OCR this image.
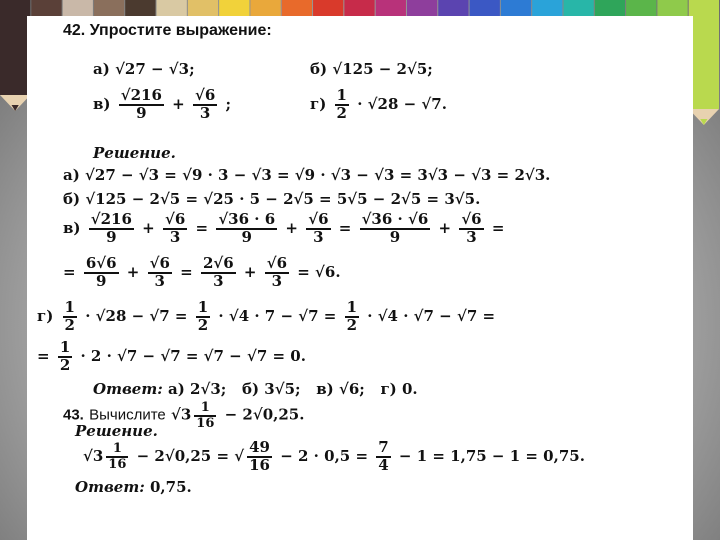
42. Упростите выражение:
а) √27 − √3;	б) √125 − 2√5;
$в) \frac{√216}{9} + \frac{√6}{3}$ ;	$г) \frac{1}{2} \cdot √28 - √7$.
Решение.
а) √27 − √3 = √9 · 3 − √3 = √9 · √3 − √3 = 3√3 − √3 = 2√3.
б) √125 − 2√5 = √25 · 5 − 2√5 = 5√5 − 2√5 = 3√5.
$в) \frac{√216}{9} + \frac{√6}{3} = \frac{√36 \cdot 6}{9} + \frac{√6}{3} = \frac{√36 \cdot √6}{9} + \frac{√6}{3}$ =
= $\frac{6√6}{9} + \frac{√6}{3} = \frac{2√6}{3} + \frac{√6}{3} = √6$.
$г) \frac{1}{2} \cdot √28 - √7 = \frac{1}{2} \cdot √4 \cdot 7 - √7 = \frac{1}{2} \cdot √4 \cdot √7 - √7$ =
= $\frac{1}{2} \cdot 2 \cdot √7 - √7 = √7 - √7 = 0$.
Ответ: а) 2√3;   б) 3√5;   в) √6;   г) 0.
43. Вычислите $√3 \frac{1}{16} - 2√0,25$.
Решение.
$√3 \frac{1}{16} - 2√0,25$ = √ $\frac{49}{16} - 2 \cdot 0,5 = \frac{7}{4} - 1 = 1,75 - 1 = 0,75$.
Ответ: 0,75.
